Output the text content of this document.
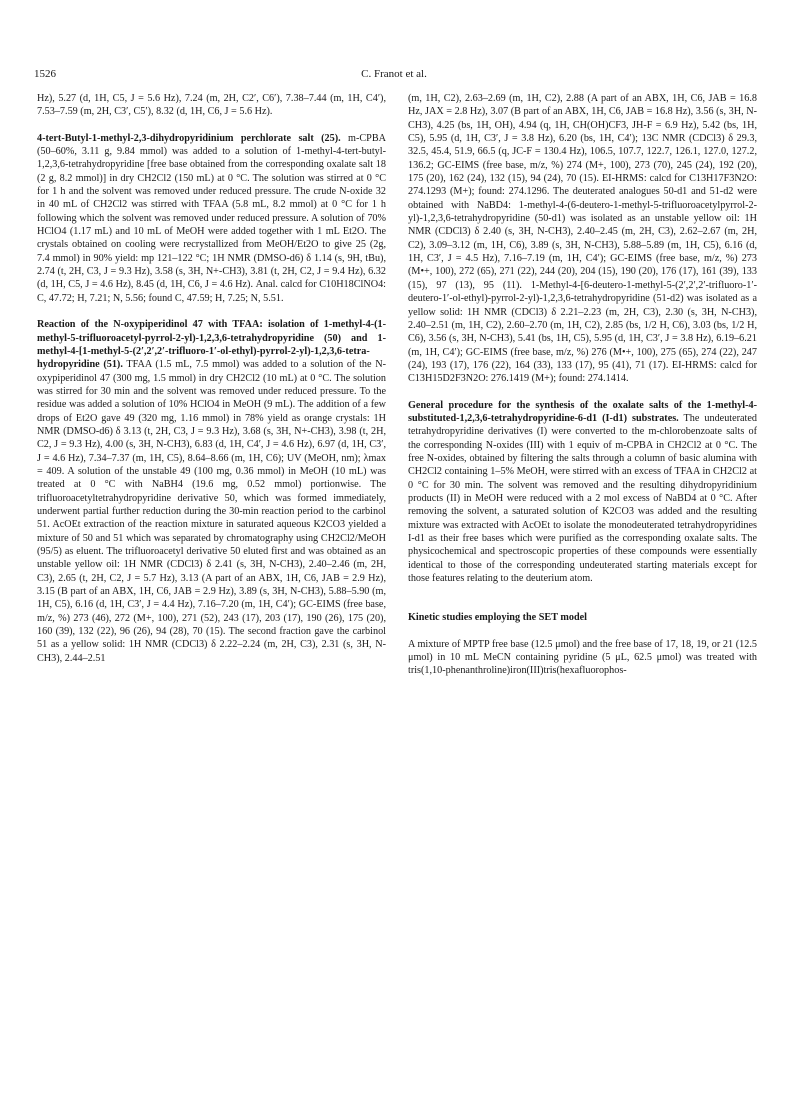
1526	C. Franot et al.

Hz), 5.27 (d, 1H, C5, J = 5.6 Hz), 7.24 (m, 2H, C2′, C6′), 7.38–7.44 (m, 1H, C4′), 7.53–7.59 (m, 2H, C3′, C5′), 8.32 (d, 1H, C6, J = 5.6 Hz).

4-tert-Butyl-1-methyl-2,3-dihydropyridinium perchlorate salt (25). m-CPBA (50–60%, 3.11 g, 9.84 mmol) was added to a solution of 1-methyl-4-tert-butyl-1,2,3,6-tetrahydropyridine [free base obtained from the corresponding oxalate salt 18 (2 g, 8.2 mmol)] in dry CH2Cl2 (150 mL) at 0 °C. The solution was stirred at 0 °C for 1 h and the solvent was removed under reduced pressure. The crude N-oxide 32 in 40 mL of CH2Cl2 was stirred with TFAA (5.8 mL, 8.2 mmol) at 0 °C for 1 h following which the solvent was removed under reduced pressure. A solution of 70% HClO4 (1.17 mL) and 10 mL of MeOH were added together with 1 mL Et2O. The crystals obtained on cooling were recrystallized from MeOH/Et2O to give 25 (2g, 7.4 mmol) in 90% yield: mp 121–122 °C; 1H NMR (DMSO-d6) δ 1.14 (s, 9H, tBu), 2.74 (t, 2H, C3, J = 9.3 Hz), 3.58 (s, 3H, N+-CH3), 3.81 (t, 2H, C2, J = 9.4 Hz), 6.32 (d, 1H, C5, J = 4.6 Hz), 8.45 (d, 1H, C6, J = 4.6 Hz). Anal. calcd for C10H18ClNO4: C, 47.72; H, 7.21; N, 5.56; found C, 47.59; H, 7.25; N, 5.51.

Reaction of the N-oxypiperidinol 47 with TFAA: isolation of 1-methyl-4-(1-methyl-5-trifluoroacetyl-pyrrol-2-yl)-1,2,3,6-tetrahydropyridine (50) and 1-methyl-4-[1-methyl-5-(2′,2′,2′-trifluoro-1′-ol-ethyl)-pyrrol-2-yl)-1,2,3,6-tetra-hydropyridine (51). TFAA (1.5 mL, 7.5 mmol) was added to a solution of the N-oxypiperidinol 47 (300 mg, 1.5 mmol) in dry CH2Cl2 (10 mL) at 0 °C. The solution was stirred for 30 min and the solvent was removed under reduced pressure. To the residue was added a solution of 10% HClO4 in MeOH (9 mL). The addition of a few drops of Et2O gave 49 (320 mg, 1.16 mmol) in 78% yield as orange crystals: 1H NMR (DMSO-d6) δ 3.13 (t, 2H, C3, J = 9.3 Hz), 3.68 (s, 3H, N+-CH3), 3.98 (t, 2H, C2, J = 9.3 Hz), 4.00 (s, 3H, N-CH3), 6.83 (d, 1H, C4′, J = 4.6 Hz), 6.97 (d, 1H, C3′, J = 4.6 Hz), 7.34–7.37 (m, 1H, C5), 8.64–8.66 (m, 1H, C6); UV (MeOH, nm); λmax = 409. A solution of the unstable 49 (100 mg, 0.36 mmol) in MeOH (10 mL) was treated at 0 °C with NaBH4 (19.6 mg, 0.52 mmol) portionwise. The trifluoroacetyltetrahydropyridine derivative 50, which was formed immediately, underwent partial further reduction during the 30-min reaction period to the carbinol 51. AcOEt extraction of the reaction mixture in saturated aqueous K2CO3 yielded a mixture of 50 and 51 which was separated by chromatography using CH2Cl2/MeOH (95/5) as eluent. The trifluoroacetyl derivative 50 eluted first and was obtained as an unstable yellow oil: 1H NMR (CDCl3) δ 2.41 (s, 3H, N-CH3), 2.40–2.46 (m, 2H, C3), 2.65 (t, 2H, C2, J = 5.7 Hz), 3.13 (A part of an ABX, 1H, C6, JAB = 2.9 Hz), 3.15 (B part of an ABX, 1H, C6, JAB = 2.9 Hz), 3.89 (s, 3H, N-CH3), 5.88–5.90 (m, 1H, C5), 6.16 (d, 1H, C3′, J = 4.4 Hz), 7.16–7.20 (m, 1H, C4′); GC-EIMS (free base, m/z, %) 273 (46), 272 (M+, 100), 271 (52), 243 (17), 203 (17), 190 (26), 175 (20), 160 (39), 132 (22), 96 (26), 94 (28), 70 (15). The second fraction gave the carbinol 51 as a yellow solid: 1H NMR (CDCl3) δ 2.22–2.24 (m, 2H, C3), 2.31 (s, 3H, N-CH3), 2.44–2.51

(m, 1H, C2), 2.63–2.69 (m, 1H, C2), 2.88 (A part of an ABX, 1H, C6, JAB = 16.8 Hz, JAX = 2.8 Hz), 3.07 (B part of an ABX, 1H, C6, JAB = 16.8 Hz), 3.56 (s, 3H, N-CH3), 4.25 (bs, 1H, OH), 4.94 (q, 1H, CH(OH)CF3, JH-F = 6.9 Hz), 5.42 (bs, 1H, C5), 5.95 (d, 1H, C3′, J = 3.8 Hz), 6.20 (bs, 1H, C4′); 13C NMR (CDCl3) δ 29.3, 32.5, 45.4, 51.9, 66.5 (q, JC-F = 130.4 Hz), 106.5, 107.7, 122.7, 126.1, 127.0, 127.2, 136.2; GC-EIMS (free base, m/z, %) 274 (M+, 100), 273 (70), 245 (24), 192 (20), 175 (20), 162 (24), 132 (15), 94 (24), 70 (15). EI-HRMS: calcd for C13H17F3N2O: 274.1293 (M+); found: 274.1296. The deuterated analogues 50-d1 and 51-d2 were obtained with NaBD4: 1-methyl-4-(6-deutero-1-methyl-5-trifluoroacetylpyrrol-2-yl)-1,2,3,6-tetrahydropyridine (50-d1) was isolated as an unstable yellow oil: 1H NMR (CDCl3) δ 2.40 (s, 3H, N-CH3), 2.40–2.45 (m, 2H, C3), 2.62–2.67 (m, 2H, C2), 3.09–3.12 (m, 1H, C6), 3.89 (s, 3H, N-CH3), 5.88–5.89 (m, 1H, C5), 6.16 (d, 1H, C3′, J = 4.5 Hz), 7.16–7.19 (m, 1H, C4′); GC-EIMS (free base, m/z, %) 273 (M•+, 100), 272 (65), 271 (22), 244 (20), 204 (15), 190 (20), 176 (17), 161 (39), 133 (15), 97 (13), 95 (11). 1-Methyl-4-[6-deutero-1-methyl-5-(2′,2′,2′-trifluoro-1′-deutero-1′-ol-ethyl)-pyrrol-2-yl)-1,2,3,6-tetrahydropyridine (51-d2) was isolated as a yellow solid: 1H NMR (CDCl3) δ 2.21–2.23 (m, 2H, C3), 2.30 (s, 3H, N-CH3), 2.40–2.51 (m, 1H, C2), 2.60–2.70 (m, 1H, C2), 2.85 (bs, 1/2 H, C6), 3.03 (bs, 1/2 H, C6), 3.56 (s, 3H, N-CH3), 5.41 (bs, 1H, C5), 5.95 (d, 1H, C3′, J = 3.8 Hz), 6.19–6.21 (m, 1H, C4′); GC-EIMS (free base, m/z, %) 276 (M•+, 100), 275 (65), 274 (22), 247 (24), 193 (17), 176 (22), 164 (33), 133 (17), 95 (41), 71 (17). EI-HRMS: calcd for C13H15D2F3N2O: 276.1419 (M+); found: 274.1414.

General procedure for the synthesis of the oxalate salts of the 1-methyl-4-substituted-1,2,3,6-tetrahydropyridine-6-d1 (I-d1) substrates. The undeuterated tetrahydropyridine derivatives (I) were converted to the m-chlorobenzoate salts of the corresponding N-oxides (III) with 1 equiv of m-CPBA in CH2Cl2 at 0 °C. The free N-oxides, obtained by filtering the salts through a column of basic alumina with CH2Cl2 containing 1–5% MeOH, were stirred with an excess of TFAA in CH2Cl2 at 0 °C for 30 min. The solvent was removed and the resulting dihydropyridinium products (II) in MeOH were reduced with a 2 mol excess of NaBD4 at 0 °C. After removing the solvent, a saturated solution of K2CO3 was added and the resulting mixture was extracted with AcOEt to isolate the monodeuterated tetrahydropyridines I-d1 as their free bases which were purified as the corresponding oxalate salts. The physicochemical and spectroscopic properties of these compounds were essentially identical to those of the corresponding undeuterated starting materials except for those features relating to the deuterium atom.

Kinetic studies employing the SET model

A mixture of MPTP free base (12.5 μmol) and the free base of 17, 18, 19, or 21 (12.5 μmol) in 10 mL MeCN containing pyridine (5 μL, 62.5 μmol) was treated with tris(1,10-phenanthroline)iron(III)tris(hexafluorophos-
